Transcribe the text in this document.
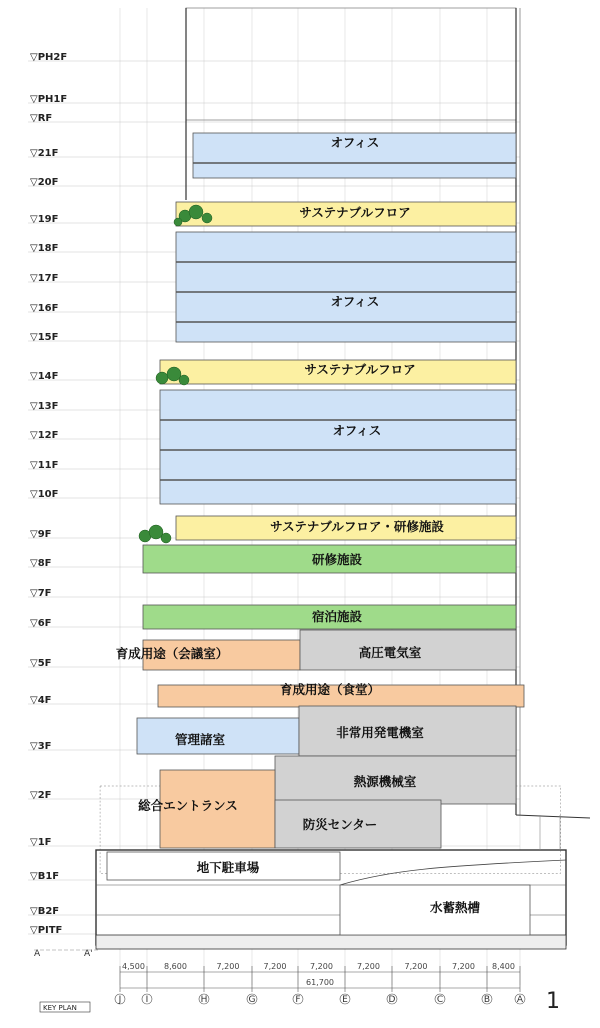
▽PH2F
▽PH1F
▽RF
▽21F
▽20F
▽19F
▽18F
▽17F
▽16F
▽15F
▽14F
▽13F
▽12F
▽11F
▽10F
▽9F
▽8F
▽7F
▽6F
▽5F
▽4F
▽3F
▽2F
▽1F
▽B1F
▽B2F
▽PITF
オフィス
サステナブルフロア
オフィス
サステナブルフロア
オフィス
サステナブルフロア・研修施設
研修施設
宿泊施設
育成用途（会議室）	高圧電気室
育成用途（食堂）
管理諸室	非常用発電機室
熱源機械室
総合エントランス
防災センター
地下駐車場
水蓄熱槽
J	I	H	G	F	E	D	C	B	A
4,500 8,600	7,200	7,200	7,200	7,200	7,200	7,200 8,400
61,700
A	A'
KEY PLAN	1
